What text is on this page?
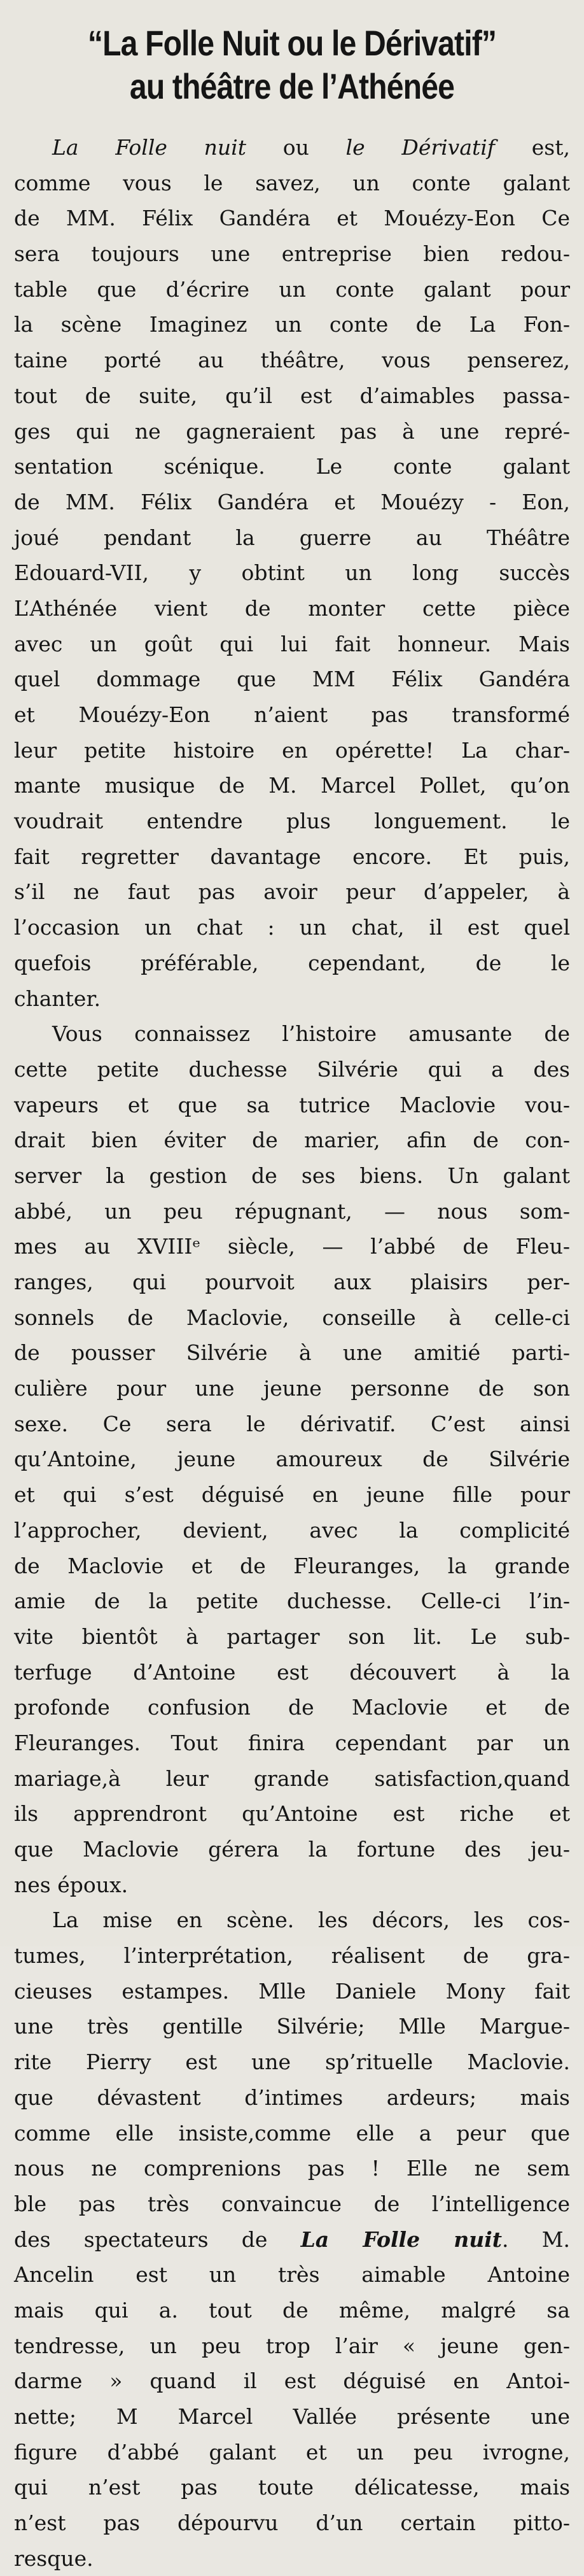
“La Folle Nuit ou le Dérivatif”
au théâtre de l’Athénée

La Folle nuit ou le Dérivatif est,
comme vous le savez, un conte galant
de MM. Félix Gandéra et Mouézy-Eon Ce
sera toujours une entreprise bien redou-
table que d’écrire un conte galant pour
la scène Imaginez un conte de La Fon-
taine porté au théâtre, vous penserez,
tout de suite, qu’il est d’aimables passa-
ges qui ne gagneraient pas à une repré-
sentation scénique. Le conte galant
de MM. Félix Gandéra et Mouézy - Eon,
joué pendant la guerre au Théâtre
Edouard-VII, y obtint un long succès
L’Athénée vient de monter cette pièce
avec un goût qui lui fait honneur. Mais
quel dommage que MM Félix Gandéra
et Mouézy-Eon n’aient pas transformé
leur petite histoire en opérette! La char-
mante musique de M. Marcel Pollet, qu’on
voudrait entendre plus longuement. le
fait regretter davantage encore. Et puis,
s’il ne faut pas avoir peur d’appeler, à
l’occasion un chat : un chat, il est quel
quefois préférable, cependant, de le
chanter.

Vous connaissez l’histoire amusante de
cette petite duchesse Silvérie qui a des
vapeurs et que sa tutrice Maclovie vou-
drait bien éviter de marier, afin de con-
server la gestion de ses biens. Un galant
abbé, un peu répugnant, — nous som-
mes au XVIIIᵉ siècle, — l’abbé de Fleu-
ranges, qui pourvoit aux plaisirs per-
sonnels de Maclovie, conseille à celle-ci
de pousser Silvérie à une amitié parti-
culière pour une jeune personne de son
sexe. Ce sera le dérivatif. C’est ainsi
qu’Antoine, jeune amoureux de Silvérie
et qui s’est déguisé en jeune fille pour
l’approcher, devient, avec la complicité
de Maclovie et de Fleuranges, la grande
amie de la petite duchesse. Celle-ci l’in-
vite bientôt à partager son lit. Le sub-
terfuge d’Antoine est découvert à la
profonde confusion de Maclovie et de
Fleuranges. Tout finira cependant par un
mariage,à leur grande satisfaction,quand
ils apprendront qu’Antoine est riche et
que Maclovie gérera la fortune des jeu-
nes époux.

La mise en scène. les décors, les cos-
tumes, l’interprétation, réalisent de gra-
cieuses estampes. Mlle Daniele Mony fait
une très gentille Silvérie; Mlle Margue-
rite Pierry est une sp’rituelle Maclovie.
que dévastent d’intimes ardeurs; mais
comme elle insiste,comme elle a peur que
nous ne comprenions pas ! Elle ne sem
ble pas très convaincue de l’intelligence
des spectateurs de La Folle nuit. M.
Ancelin est un très aimable Antoine
mais qui a. tout de même, malgré sa
tendresse, un peu trop l’air « jeune gen-
darme » quand il est déguisé en Antoi-
nette; M Marcel Vallée présente une
figure d’abbé galant et un peu ivrogne,
qui n’est pas toute délicatesse, mais
n’est pas dépourvu d’un certain pitto-
resque.
